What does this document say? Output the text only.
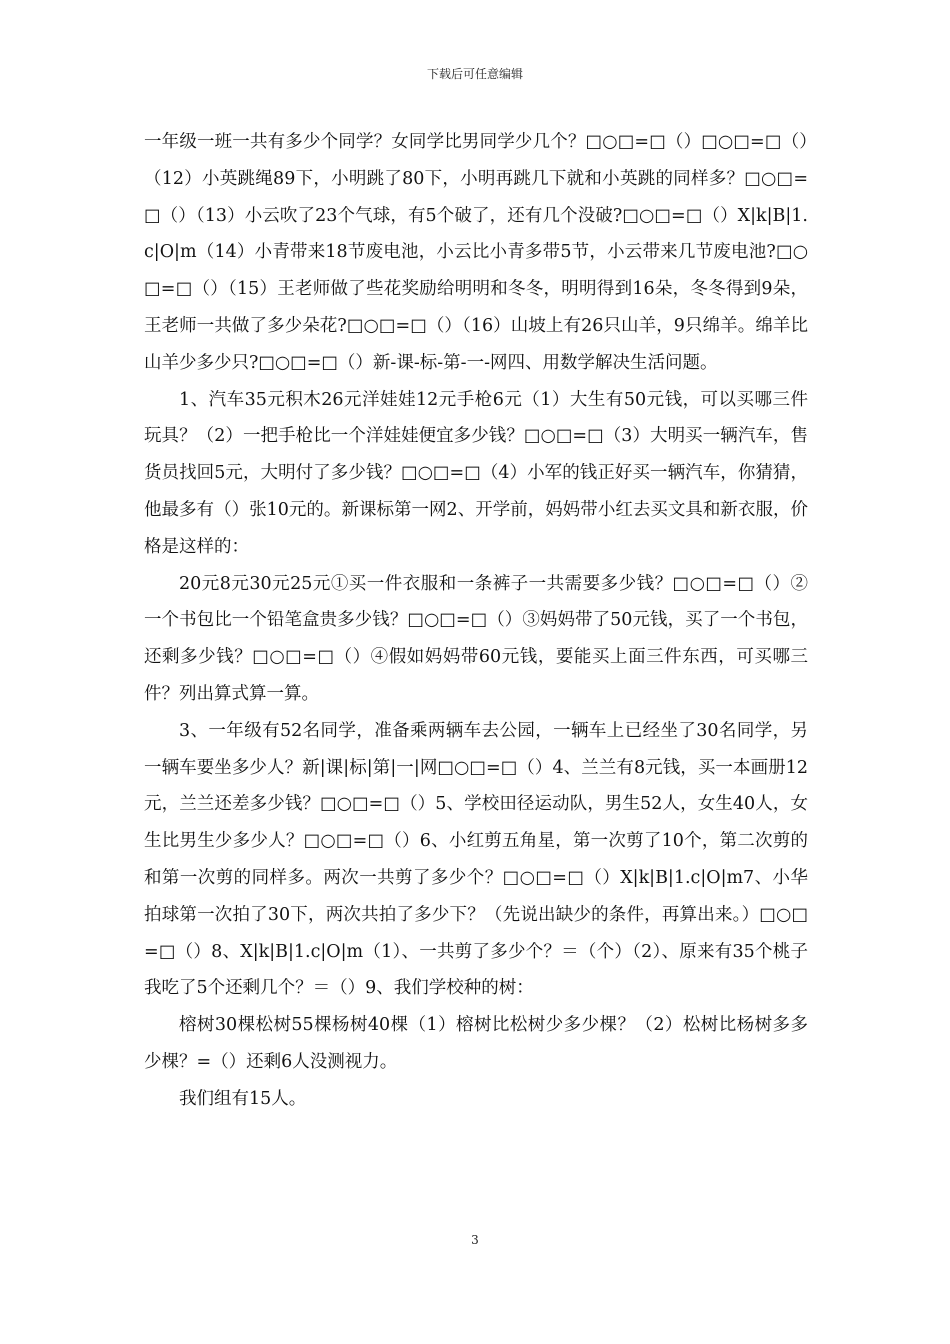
下载后可任意编辑

一年级一班一共有多少个同学？女同学比男同学少几个？□○□=□（）□○□=□（）（12）小英跳绳89下，小明跳了80下，小明再跳几下就和小英跳的同样多？□○□=□（）（13）小云吹了23个气球，有5个破了，还有几个没破?□○□=□（）X|k|B|1.c|O|m（14）小青带来18节废电池，小云比小青多带5节，小云带来几节废电池?□○□=□（）（15）王老师做了些花奖励给明明和冬冬，明明得到16朵，冬冬得到9朵，王老师一共做了多少朵花?□○□=□（）（16）山坡上有26只山羊，9只绵羊。绵羊比山羊少多少只?□○□=□（）新-课-标-第-一-网四、用数学解决生活问题。

1、汽车35元积木26元洋娃娃12元手枪6元（1）大生有50元钱，可以买哪三件玩具？（2）一把手枪比一个洋娃娃便宜多少钱？□○□=□（3）大明买一辆汽车，售货员找回5元，大明付了多少钱？□○□=□（4）小军的钱正好买一辆汽车，你猜猜，他最多有（）张10元的。新课标第一网2、开学前，妈妈带小红去买文具和新衣服，价格是这样的：

20元8元30元25元①买一件衣服和一条裤子一共需要多少钱？□○□=□（）②一个书包比一个铅笔盒贵多少钱？□○□=□（）③妈妈带了50元钱，买了一个书包，还剩多少钱？□○□=□（）④假如妈妈带60元钱，要能买上面三件东西，可买哪三件？列出算式算一算。

3、一年级有52名同学，准备乘两辆车去公园，一辆车上已经坐了30名同学，另一辆车要坐多少人？新|课|标|第|一|网□○□=□（）4、兰兰有8元钱，买一本画册12元，兰兰还差多少钱？□○□=□（）5、学校田径运动队，男生52人，女生40人，女生比男生少多少人？□○□=□（）6、小红剪五角星，第一次剪了10个，第二次剪的和第一次剪的同样多。两次一共剪了多少个？□○□=□（）X|k|B|1.c|O|m7、小华拍球第一次拍了30下，两次共拍了多少下？（先说出缺少的条件，再算出来。）□○□=□（）8、X|k|B|1.c|O|m（1）、一共剪了多少个？＝（个）（2）、原来有35个桃子我吃了5个还剩几个？＝（）9、我们学校种的树：

榕树30棵松树55棵杨树40棵（1）榕树比松树少多少棵？（2）松树比杨树多多少棵？=（）还剩6人没测视力。

我们组有15人。

3
